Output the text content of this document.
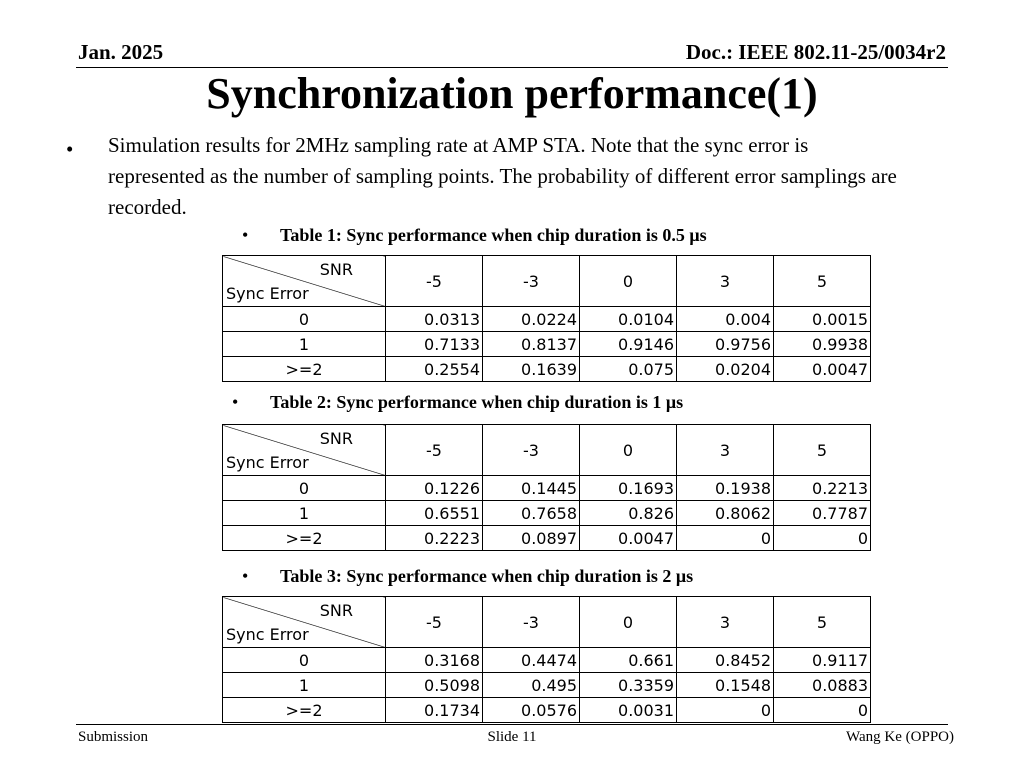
Jan. 2025	Doc.: IEEE 802.11-25/0034r2
Synchronization performance(1)
• Simulation results for 2MHz sampling rate at AMP STA. Note that the sync error is represented as the number of sampling points. The probability of different error samplings are recorded.
• Table 1: Sync performance when chip duration is 0.5 μs
SNR
Sync Error	-5	-3	0	3	5
0	0.0313	0.0224	0.0104	0.004	0.0015
1	0.7133	0.8137	0.9146	0.9756	0.9938
>=2	0.2554	0.1639	0.075	0.0204	0.0047
• Table 2: Sync performance when chip duration is 1 μs
SNR
Sync Error	-5	-3	0	3	5
0	0.1226	0.1445	0.1693	0.1938	0.2213
1	0.6551	0.7658	0.826	0.8062	0.7787
>=2	0.2223	0.0897	0.0047	0	0
• Table 3: Sync performance when chip duration is 2 μs
SNR
Sync Error	-5	-3	0	3	5
0	0.3168	0.4474	0.661	0.8452	0.9117
1	0.5098	0.495	0.3359	0.1548	0.0883
>=2	0.1734	0.0576	0.0031	0	0
Submission	Slide 11	Wang Ke (OPPO)
